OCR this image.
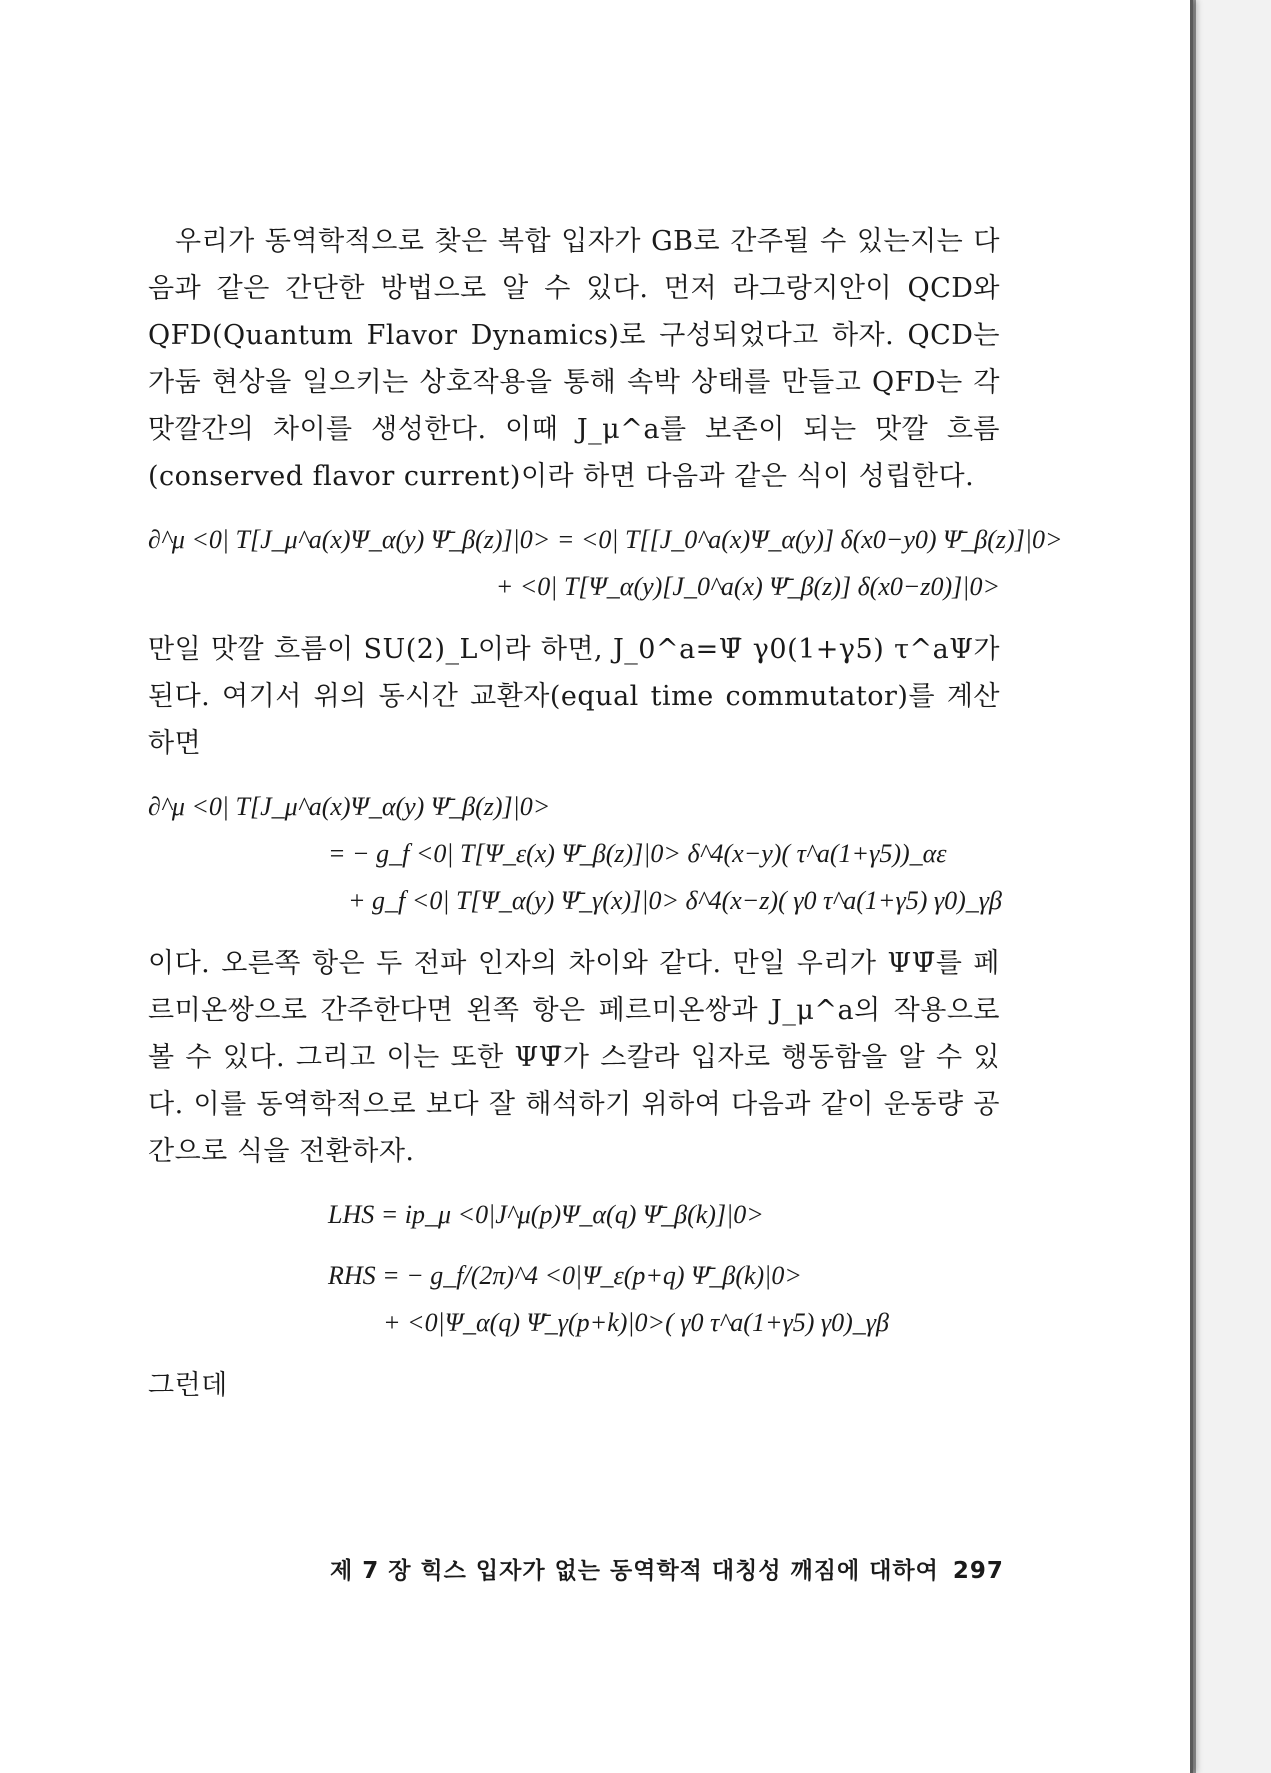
우리가 동역학적으로 찾은 복합 입자가 GB로 간주될 수 있는지는 다음과 같은 간단한 방법으로 알 수 있다. 먼저 라그랑지안이 QCD와 QFD(Quantum Flavor Dynamics)로 구성되었다고 하자. QCD는 가둠 현상을 일으키는 상호작용을 통해 속박 상태를 만들고 QFD는 각 맛깔간의 차이를 생성한다. 이때 J_μ^a를 보존이 되는 맛깔 흐름(conserved flavor current)이라 하면 다음과 같은 식이 성립한다.

∂^μ <0| T[J_μ^a(x)Ψ_α(y) Ψ̄_β(z)]|0> = <0| T[[J_0^a(x)Ψ_α(y)] δ(x0−y0) Ψ̄_β(z)]|0>

+ <0| T[Ψ_α(y)[J_0^a(x) Ψ̄_β(z)] δ(x0−z0)]|0>

만일 맛깔 흐름이 SU(2)_L이라 하면, J_0^a=Ψ̄ γ0(1+γ5) τ^aΨ가 된다. 여기서 위의 동시간 교환자(equal time commutator)를 계산하면

∂^μ <0| T[J_μ^a(x)Ψ_α(y) Ψ̄_β(z)]|0>

= − g_f <0| T[Ψ_ε(x) Ψ̄_β(z)]|0> δ^4(x−y)( τ^a(1+γ5))_αε

+ g_f <0| T[Ψ_α(y) Ψ̄_γ(x)]|0> δ^4(x−z)( γ0 τ^a(1+γ5) γ0)_γβ

이다. 오른쪽 항은 두 전파 인자의 차이와 같다. 만일 우리가 ΨΨ̄를 페르미온쌍으로 간주한다면 왼쪽 항은 페르미온쌍과 J_μ^a의 작용으로 볼 수 있다. 그리고 이는 또한 ΨΨ̄가 스칼라 입자로 행동함을 알 수 있다. 이를 동역학적으로 보다 잘 해석하기 위하여 다음과 같이 운동량 공간으로 식을 전환하자.

LHS = ip_μ <0|J^μ(p)Ψ_α(q) Ψ̄_β(k)]|0>

RHS = − g_f/(2π)^4 <0|Ψ_ε(p+q) Ψ̄_β(k)|0>

+ <0|Ψ_α(q) Ψ̄_γ(p+k)|0>( γ0 τ^a(1+γ5) γ0)_γβ

그런데

제 7 장 힉스 입자가 없는 동역학적 대칭성 깨짐에 대하여 297
